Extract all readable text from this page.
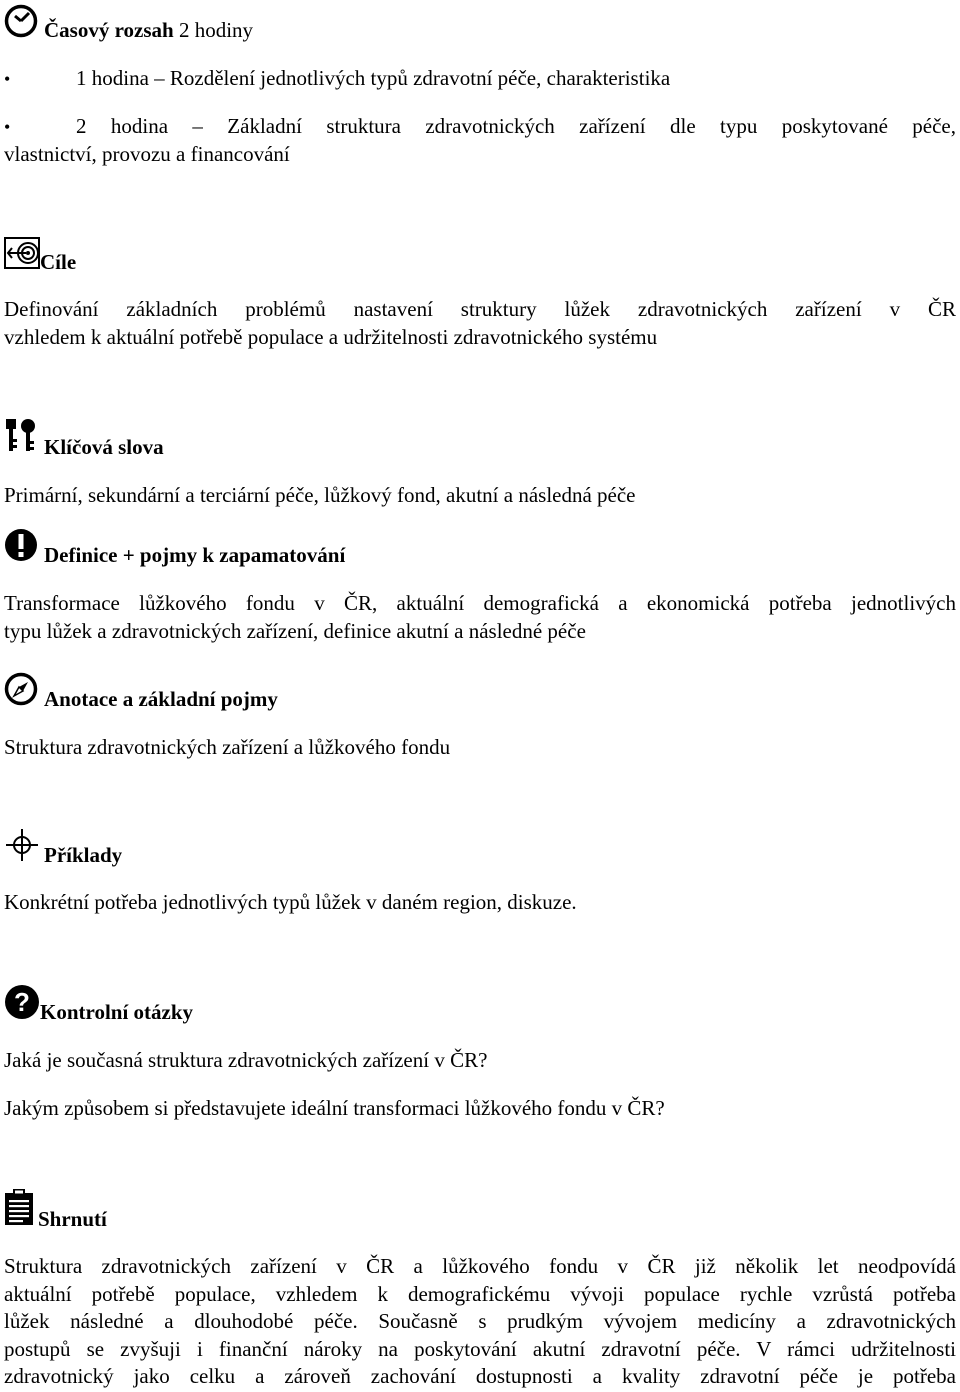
Časový rozsah 2 hodiny
•	1 hodina – Rozdělení jednotlivých typů zdravotní péče, charakteristika
•	2 hodina – Základní struktura zdravotnických zařízení dle typu poskytované péče,
vlastnictví, provozu a financování
Cíle
Definování základních problémů nastavení struktury lůžek zdravotnických zařízení v ČR
vzhledem k aktuální potřebě populace a udržitelnosti zdravotnického systému
Klíčová slova
Primární, sekundární a terciární péče, lůžkový fond, akutní a následná péče
Definice + pojmy k zapamatování
Transformace lůžkového fondu v ČR, aktuální demografická a ekonomická potřeba jednotlivých
typu lůžek a zdravotnických zařízení, definice akutní a následné péče
Anotace a základní pojmy
Struktura zdravotnických zařízení a lůžkového fondu
Příklady
Konkrétní potřeba jednotlivých typů lůžek v daném region, diskuze.
? Kontrolní otázky
Jaká je současná struktura zdravotnických zařízení v ČR?
Jakým způsobem si představujete ideální transformaci lůžkového fondu v ČR?
Shrnutí
Struktura zdravotnických zařízení v ČR a lůžkového fondu v ČR již několik let neodpovídá
aktuální potřebě populace, vzhledem k demografickému vývoji populace rychle vzrůstá potřeba
lůžek následné a dlouhodobé péče. Současně s prudkým vývojem medicíny a zdravotnických
postupů se zvyšuji i finanční nároky na poskytování akutní zdravotní péče. V rámci udržitelnosti
zdravotnický jako celku a zároveň zachování dostupnosti a kvality zdravotní péče je potřeba
